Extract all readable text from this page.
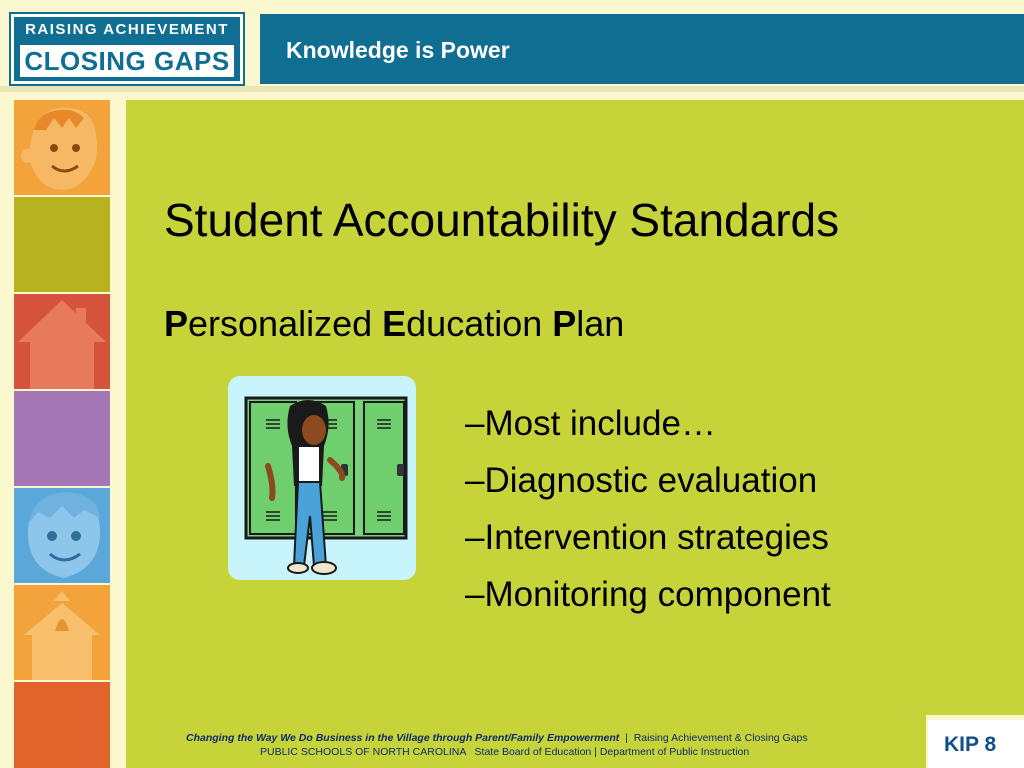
RAISING ACHIEVEMENT
CLOSING GAPS Knowledge is Power
Student Accountability Standards
Personalized Education Plan
–Most include…
–Diagnostic evaluation
–Intervention strategies
–Monitoring component
Changing the Way We Do Business in the Village through Parent/Family Empowerment | Raising Achievement & Closing Gaps
PUBLIC SCHOOLS OF NORTH CAROLINA   State Board of Education | Department of Public Instruction	KIP 8
